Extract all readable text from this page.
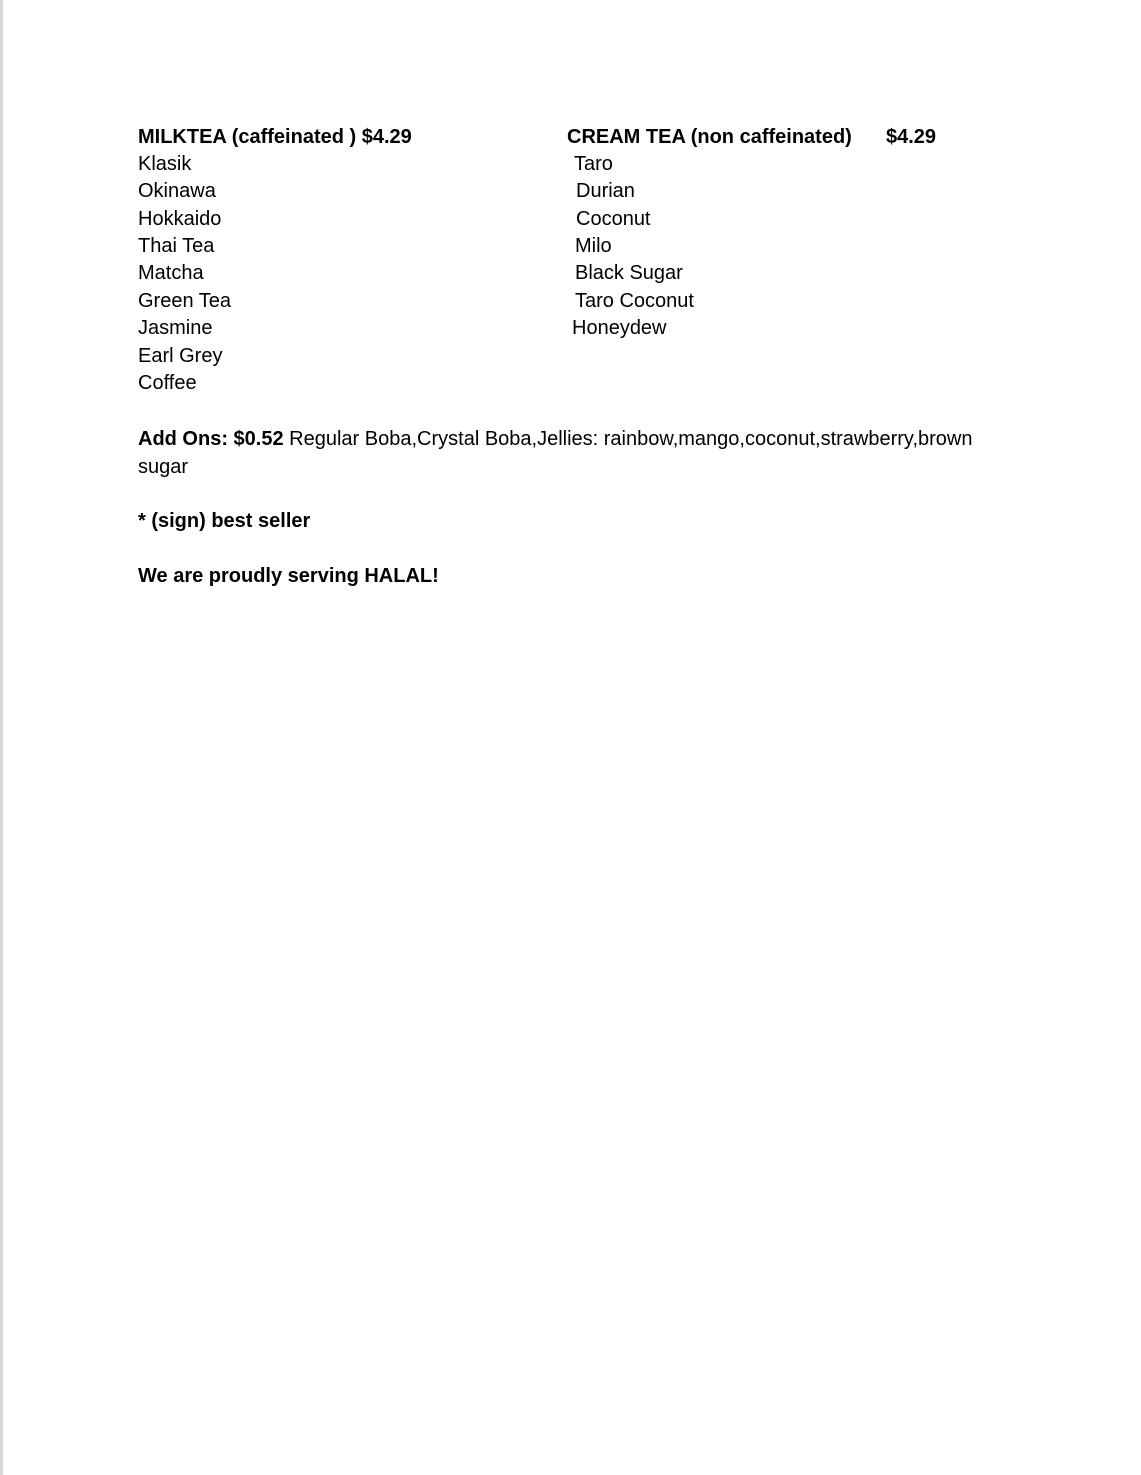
MILKTEA (caffeinated ) $4.29
Klasik
Okinawa
Hokkaido
Thai Tea
Matcha
Green Tea
Jasmine
Earl Grey
Coffee
CREAM TEA (non caffeinated) $4.29
Taro
Durian
Coconut
Milo
Black Sugar
Taro Coconut
Honeydew
Add Ons: $0.52 Regular Boba,Crystal Boba,Jellies: rainbow,mango,coconut,strawberry,brown sugar
* (sign) best seller
We are proudly serving HALAL!
